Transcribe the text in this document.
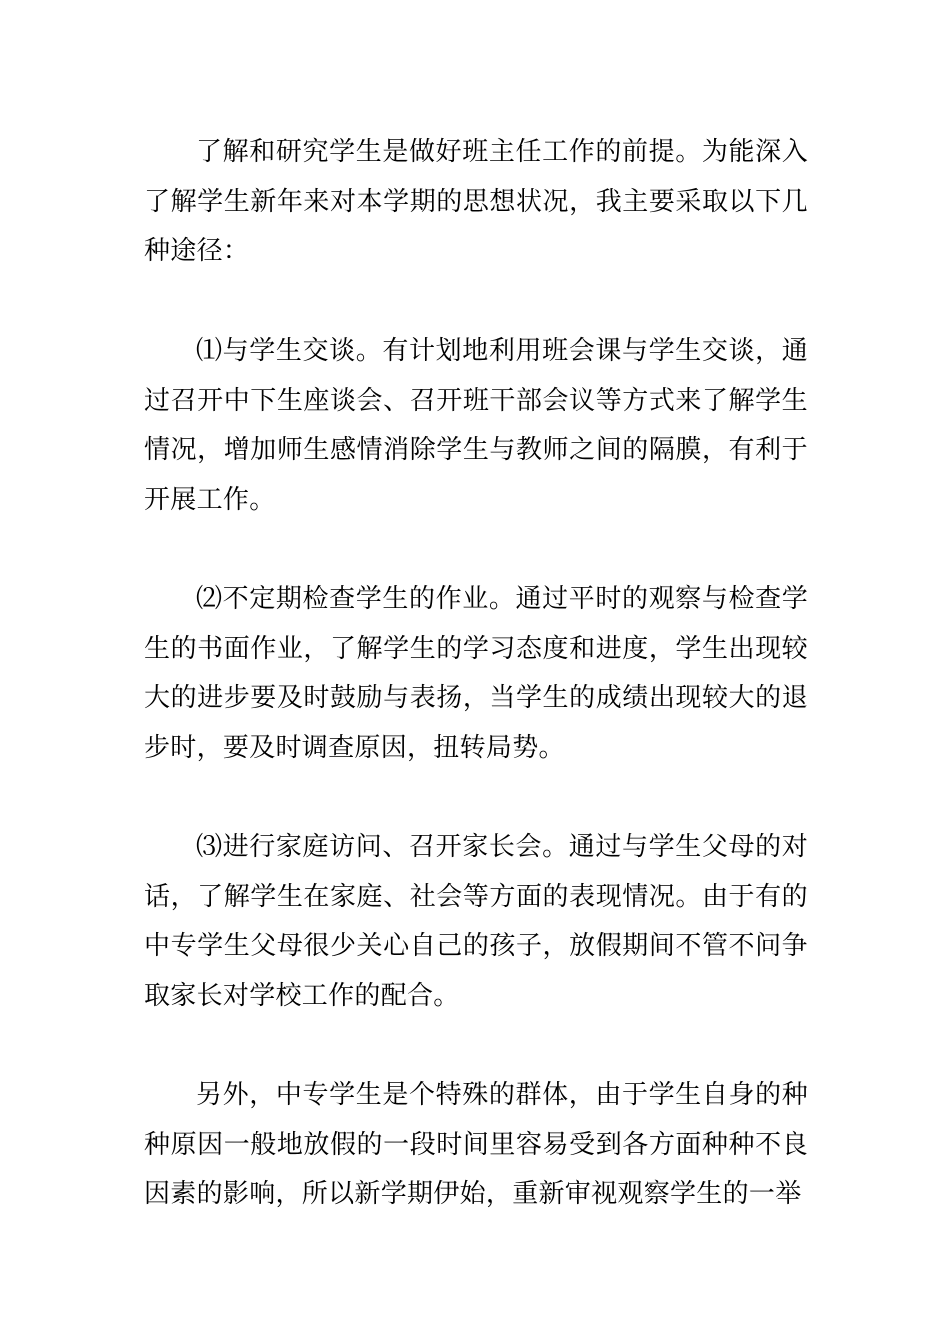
了解和研究学生是做好班主任工作的前提。为能深入了解学生新年来对本学期的思想状况，我主要采取以下几种途径：

⑴与学生交谈。有计划地利用班会课与学生交谈，通过召开中下生座谈会、召开班干部会议等方式来了解学生情况，增加师生感情消除学生与教师之间的隔膜，有利于开展工作。

⑵不定期检查学生的作业。通过平时的观察与检查学生的书面作业，了解学生的学习态度和进度，学生出现较大的进步要及时鼓励与表扬，当学生的成绩出现较大的退步时，要及时调查原因，扭转局势。

⑶进行家庭访问、召开家长会。通过与学生父母的对话，了解学生在家庭、社会等方面的表现情况。由于有的中专学生父母很少关心自己的孩子，放假期间不管不问争取家长对学校工作的配合。

另外，中专学生是个特殊的群体，由于学生自身的种种原因一般地放假的一段时间里容易受到各方面种种不良因素的影响，所以新学期伊始，重新审视观察学生的一举
